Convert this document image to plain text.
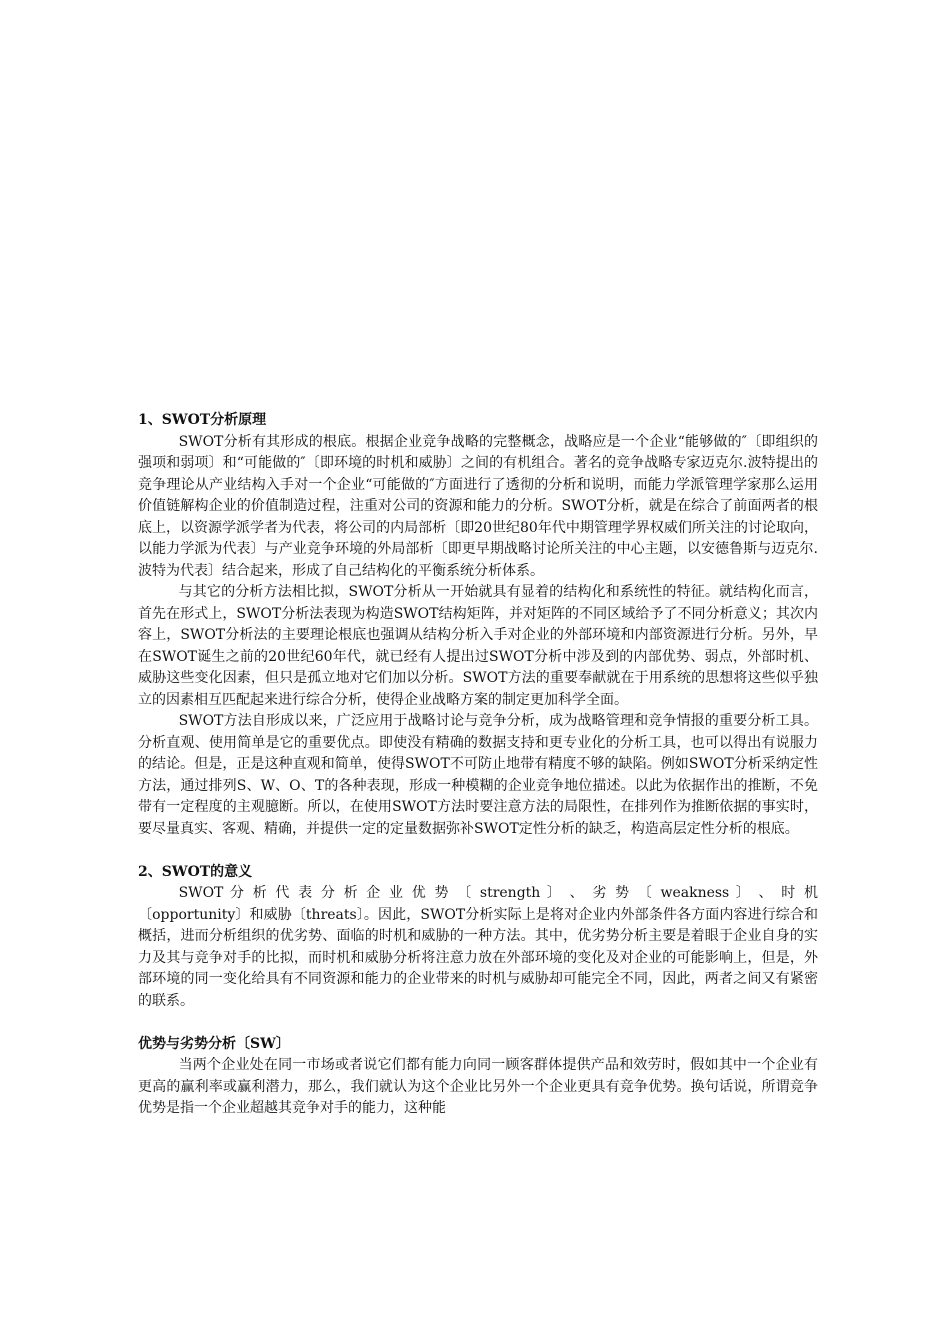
1、SWOT分析原理

SWOT分析有其形成的根底。根据企业竞争战略的完整概念，战略应是一个企业“能够做的″〔即组织的强项和弱项〕和“可能做的″〔即环境的时机和威胁〕之间的有机组合。著名的竞争战略专家迈克尔.波特提出的竞争理论从产业结构入手对一个企业“可能做的″方面进行了透彻的分析和说明，而能力学派管理学家那么运用价值链解构企业的价值制造过程，注重对公司的资源和能力的分析。SWOT分析，就是在综合了前面两者的根底上，以资源学派学者为代表，将公司的内局部析〔即20世纪80年代中期管理学界权威们所关注的讨论取向，以能力学派为代表〕与产业竞争环境的外局部析〔即更早期战略讨论所关注的中心主题，以安德鲁斯与迈克尔.波特为代表〕结合起来，形成了自己结构化的平衡系统分析体系。

与其它的分析方法相比拟，SWOT分析从一开始就具有显着的结构化和系统性的特征。就结构化而言，首先在形式上，SWOT分析法表现为构造SWOT结构矩阵，并对矩阵的不同区域给予了不同分析意义；其次内容上，SWOT分析法的主要理论根底也强调从结构分析入手对企业的外部环境和内部资源进行分析。另外，早在SWOT诞生之前的20世纪60年代，就已经有人提出过SWOT分析中涉及到的内部优势、弱点，外部时机、威胁这些变化因素，但只是孤立地对它们加以分析。SWOT方法的重要奉献就在于用系统的思想将这些似乎独立的因素相互匹配起来进行综合分析，使得企业战略方案的制定更加科学全面。

SWOT方法自形成以来，广泛应用于战略讨论与竞争分析，成为战略管理和竞争情报的重要分析工具。分析直观、使用简单是它的重要优点。即使没有精确的数据支持和更专业化的分析工具，也可以得出有说服力的结论。但是，正是这种直观和简单，使得SWOT不可防止地带有精度不够的缺陷。例如SWOT分析采纳定性方法，通过排列S、W、O、T的各种表现，形成一种模糊的企业竞争地位描述。以此为依据作出的推断，不免带有一定程度的主观臆断。所以，在使用SWOT方法时要注意方法的局限性，在排列作为推断依据的事实时，要尽量真实、客观、精确，并提供一定的定量数据弥补SWOT定性分析的缺乏，构造高层定性分析的根底。

2、SWOT的意义

SWOT 分 析 代 表 分 析 企 业 优 势 〔 strength 〕 、 劣 势 〔 weakness 〕 、 时 机〔opportunity〕和威胁〔threats〕。因此，SWOT分析实际上是将对企业内外部条件各方面内容进行综合和概括，进而分析组织的优劣势、面临的时机和威胁的一种方法。其中，优劣势分析主要是着眼于企业自身的实力及其与竞争对手的比拟，而时机和威胁分析将注意力放在外部环境的变化及对企业的可能影响上，但是，外部环境的同一变化给具有不同资源和能力的企业带来的时机与威胁却可能完全不同，因此，两者之间又有紧密的联系。

优势与劣势分析〔SW〕

当两个企业处在同一市场或者说它们都有能力向同一顾客群体提供产品和效劳时，假如其中一个企业有更高的赢利率或赢利潜力，那么，我们就认为这个企业比另外一个企业更具有竞争优势。换句话说，所谓竞争优势是指一个企业超越其竞争对手的能力，这种能
